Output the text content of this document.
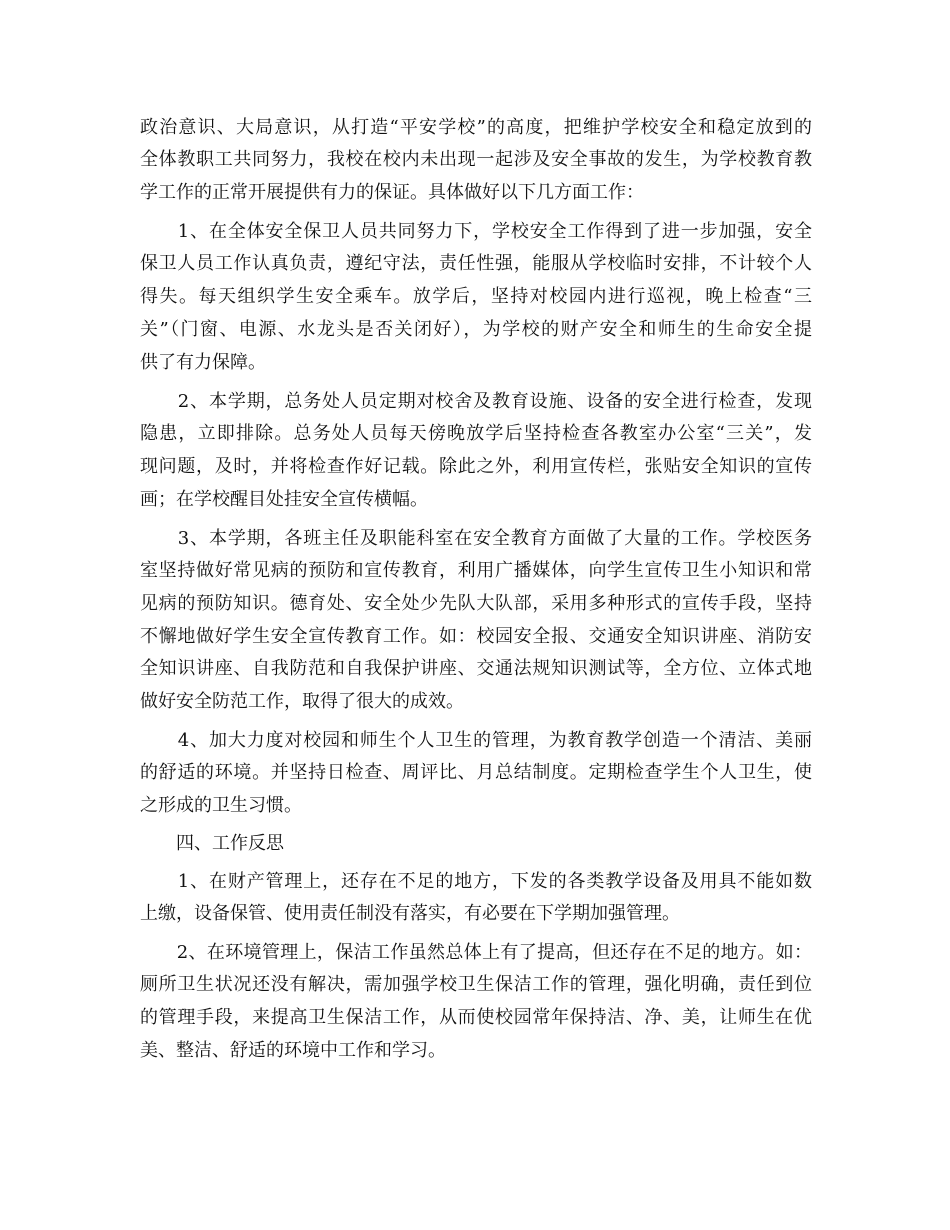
政治意识、大局意识，从打造“平安学校”的高度，把维护学校安全和稳定放到的
全体教职工共同努力，我校在校内未出现一起涉及安全事故的发生，为学校教育教
学工作的正常开展提供有力的保证。具体做好以下几方面工作：
　　1、在全体安全保卫人员共同努力下，学校安全工作得到了进一步加强，安全
保卫人员工作认真负责，遵纪守法，责任性强，能服从学校临时安排，不计较个人
得失。每天组织学生安全乘车。放学后，坚持对校园内进行巡视，晚上检查“三
关”（门窗、电源、水龙头是否关闭好），为学校的财产安全和师生的生命安全提
供了有力保障。
　　2、本学期，总务处人员定期对校舍及教育设施、设备的安全进行检查，发现
隐患，立即排除。总务处人员每天傍晚放学后坚持检查各教室办公室“三关”，发
现问题，及时，并将检查作好记载。除此之外，利用宣传栏，张贴安全知识的宣传
画；在学校醒目处挂安全宣传横幅。
　　3、本学期，各班主任及职能科室在安全教育方面做了大量的工作。学校医务
室坚持做好常见病的预防和宣传教育，利用广播媒体，向学生宣传卫生小知识和常
见病的预防知识。德育处、安全处少先队大队部，采用多种形式的宣传手段，坚持
不懈地做好学生安全宣传教育工作。如：校园安全报、交通安全知识讲座、消防安
全知识讲座、自我防范和自我保护讲座、交通法规知识测试等，全方位、立体式地
做好安全防范工作，取得了很大的成效。
　　4、加大力度对校园和师生个人卫生的管理，为教育教学创造一个清洁、美丽
的舒适的环境。并坚持日检查、周评比、月总结制度。定期检查学生个人卫生，使
之形成的卫生习惯。
　　四、工作反思
　　1、在财产管理上，还存在不足的地方，下发的各类教学设备及用具不能如数
上缴，设备保管、使用责任制没有落实，有必要在下学期加强管理。
　　2、在环境管理上，保洁工作虽然总体上有了提高，但还存在不足的地方。如：
厕所卫生状况还没有解决，需加强学校卫生保洁工作的管理，强化明确，责任到位
的管理手段，来提高卫生保洁工作，从而使校园常年保持洁、净、美，让师生在优
美、整洁、舒适的环境中工作和学习。
